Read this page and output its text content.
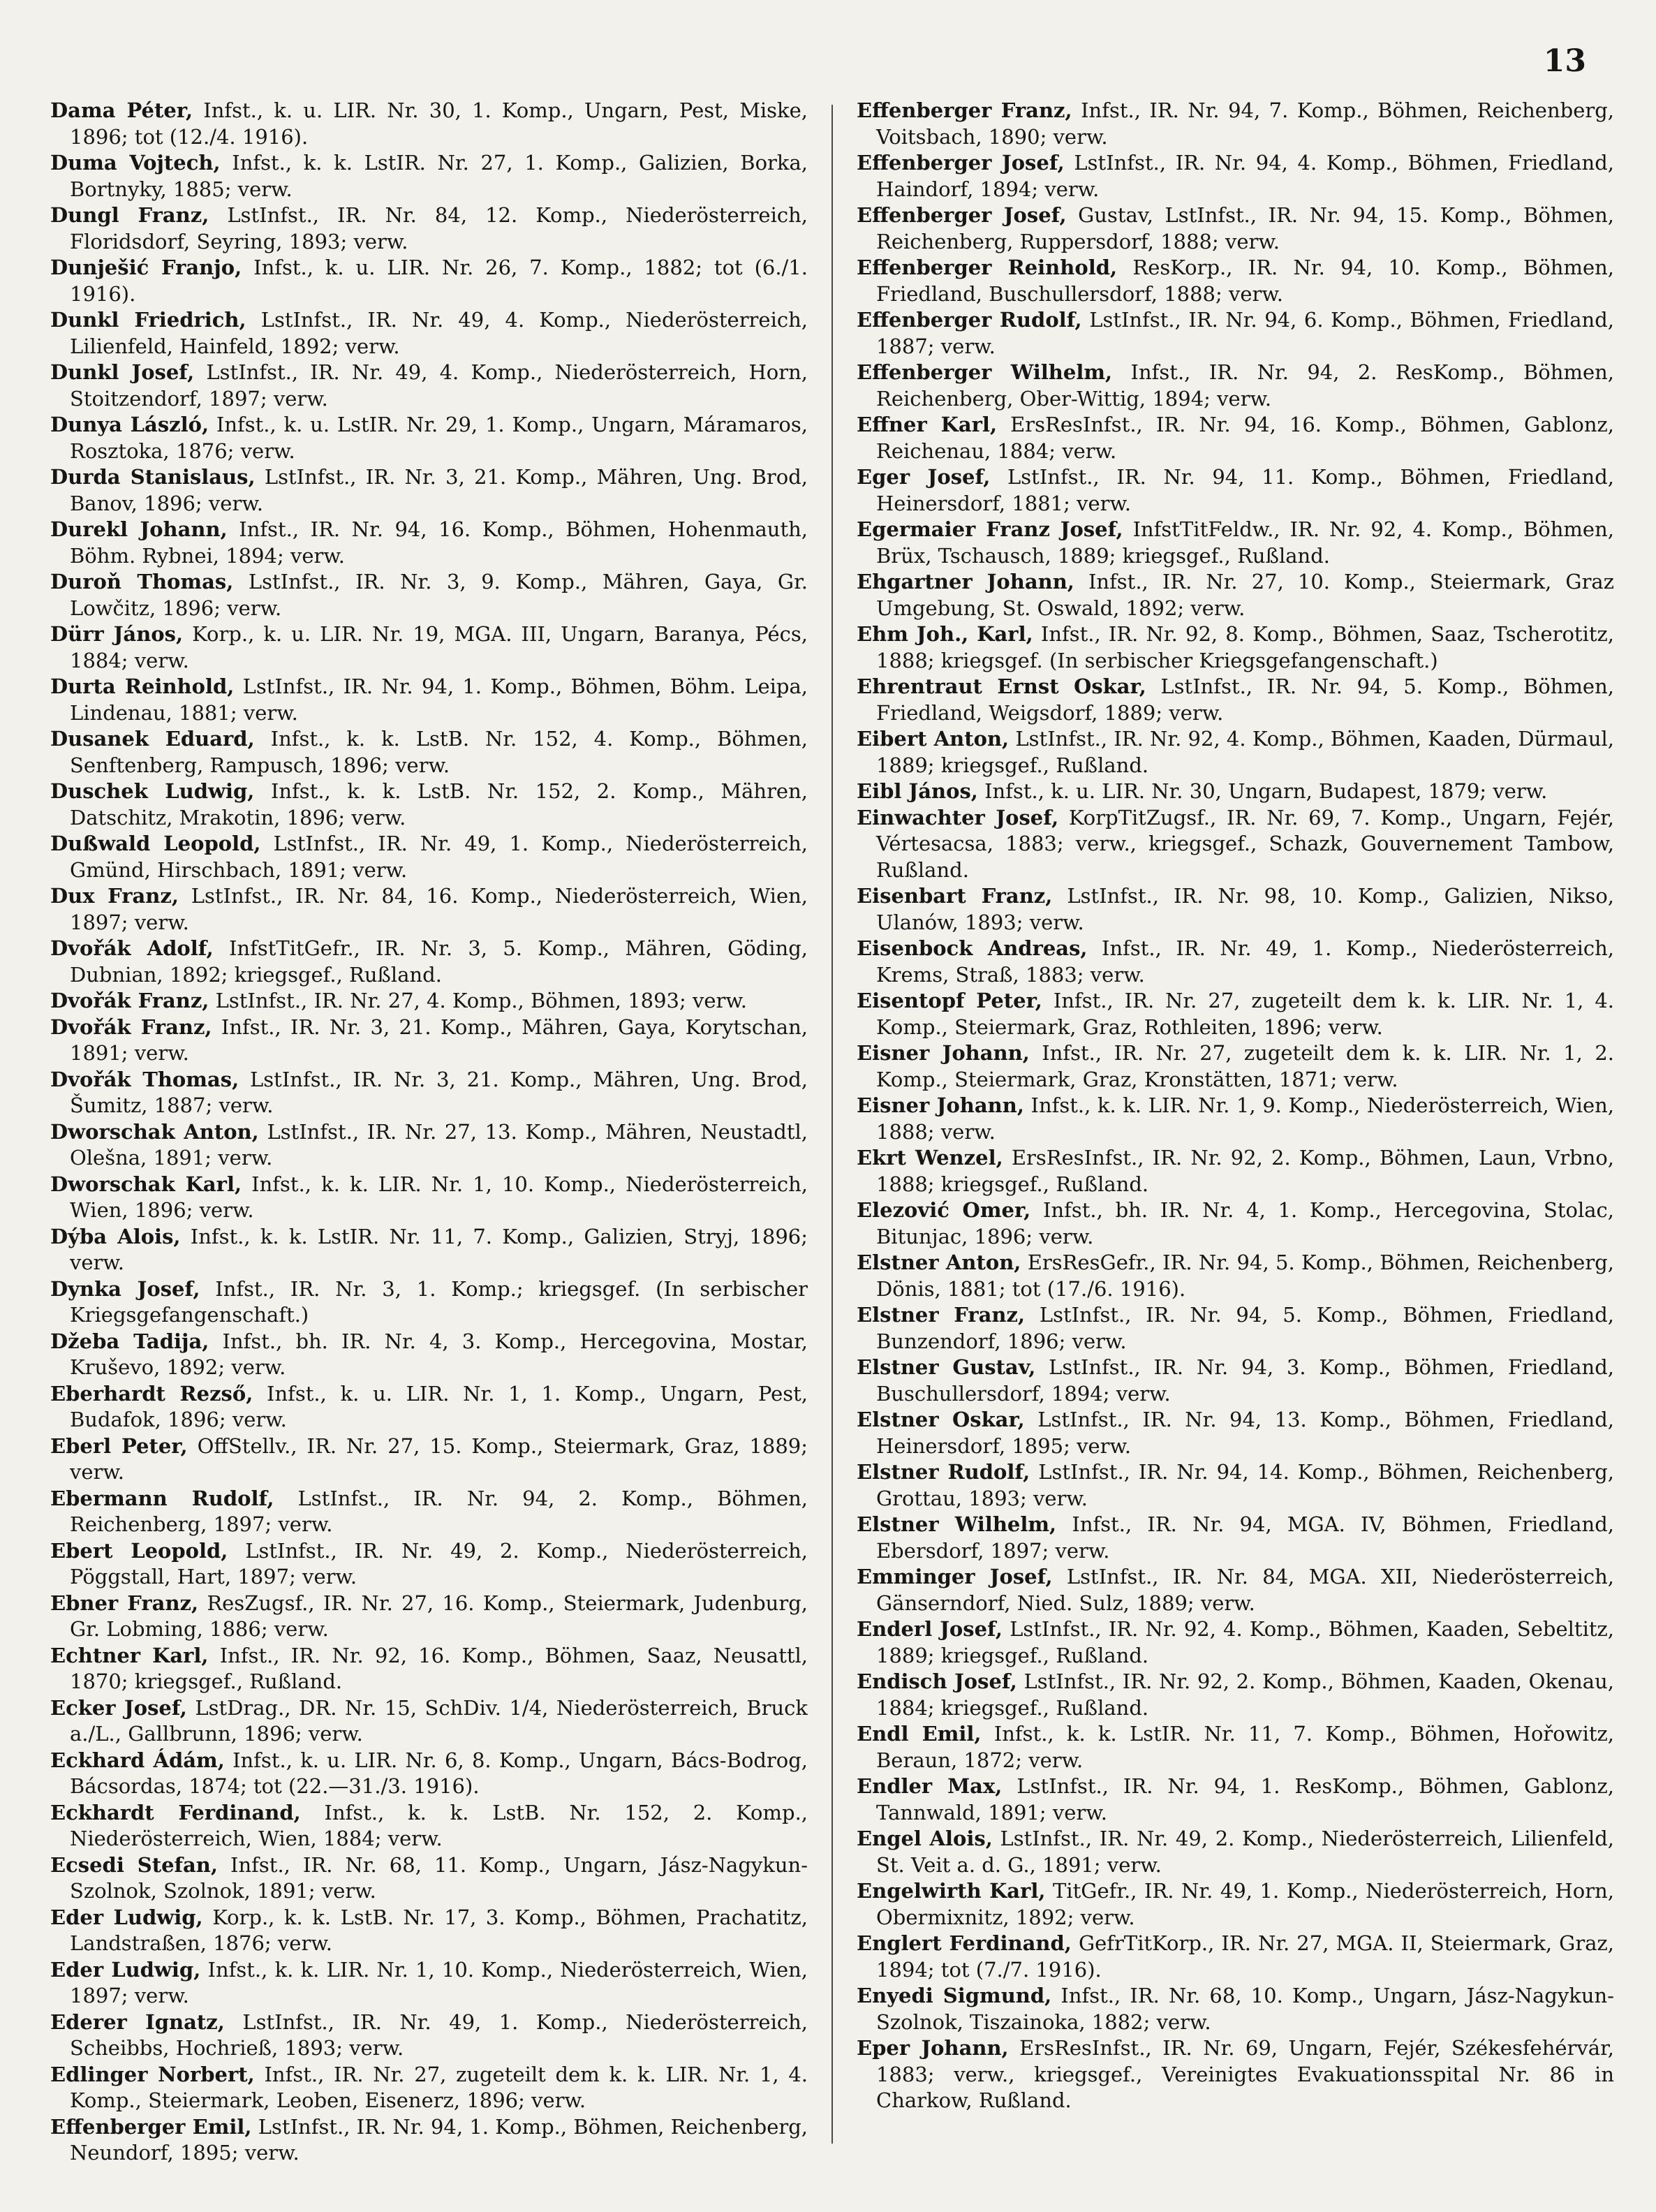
13

Dama Péter, Infst., k. u. LIR. Nr. 30, 1. Komp., Ungarn, Pest, Miske, 1896; tot (12./4. 1916).

Duma Vojtech, Infst., k. k. LstIR. Nr. 27, 1. Komp., Galizien, Borka, Bortnyky, 1885; verw.

Dungl Franz, LstInfst., IR. Nr. 84, 12. Komp., Niederösterreich, Floridsdorf, Seyring, 1893; verw.

Dunješić Franjo, Infst., k. u. LIR. Nr. 26, 7. Komp., 1882; tot (6./1. 1916).

Dunkl Friedrich, LstInfst., IR. Nr. 49, 4. Komp., Niederösterreich, Lilienfeld, Hainfeld, 1892; verw.

Dunkl Josef, LstInfst., IR. Nr. 49, 4. Komp., Niederösterreich, Horn, Stoitzendorf, 1897; verw.

Dunya László, Infst., k. u. LstIR. Nr. 29, 1. Komp., Ungarn, Máramaros, Rosztoka, 1876; verw.

Durda Stanislaus, LstInfst., IR. Nr. 3, 21. Komp., Mähren, Ung. Brod, Banov, 1896; verw.

Durekl Johann, Infst., IR. Nr. 94, 16. Komp., Böhmen, Hohenmauth, Böhm. Rybnei, 1894; verw.

Duroň Thomas, LstInfst., IR. Nr. 3, 9. Komp., Mähren, Gaya, Gr. Lowčitz, 1896; verw.

Dürr János, Korp., k. u. LIR. Nr. 19, MGA. III, Ungarn, Baranya, Pécs, 1884; verw.

Durta Reinhold, LstInfst., IR. Nr. 94, 1. Komp., Böhmen, Böhm. Leipa, Lindenau, 1881; verw.

Dusanek Eduard, Infst., k. k. LstB. Nr. 152, 4. Komp., Böhmen, Senftenberg, Rampusch, 1896; verw.

Duschek Ludwig, Infst., k. k. LstB. Nr. 152, 2. Komp., Mähren, Datschitz, Mrakotin, 1896; verw.

Dußwald Leopold, LstInfst., IR. Nr. 49, 1. Komp., Niederösterreich, Gmünd, Hirschbach, 1891; verw.

Dux Franz, LstInfst., IR. Nr. 84, 16. Komp., Niederösterreich, Wien, 1897; verw.

Dvořák Adolf, InfstTitGefr., IR. Nr. 3, 5. Komp., Mähren, Göding, Dubnian, 1892; kriegsgef., Rußland.

Dvořák Franz, LstInfst., IR. Nr. 27, 4. Komp., Böhmen, 1893; verw.

Dvořák Franz, Infst., IR. Nr. 3, 21. Komp., Mähren, Gaya, Korytschan, 1891; verw.

Dvořák Thomas, LstInfst., IR. Nr. 3, 21. Komp., Mähren, Ung. Brod, Šumitz, 1887; verw.

Dworschak Anton, LstInfst., IR. Nr. 27, 13. Komp., Mähren, Neustadtl, Olešna, 1891; verw.

Dworschak Karl, Infst., k. k. LIR. Nr. 1, 10. Komp., Niederösterreich, Wien, 1896; verw.

Dýba Alois, Infst., k. k. LstIR. Nr. 11, 7. Komp., Galizien, Stryj, 1896; verw.

Dynka Josef, Infst., IR. Nr. 3, 1. Komp.; kriegsgef. (In serbischer Kriegsgefangenschaft.)

Džeba Tadija, Infst., bh. IR. Nr. 4, 3. Komp., Hercegovina, Mostar, Kruševo, 1892; verw.

Eberhardt Rezső, Infst., k. u. LIR. Nr. 1, 1. Komp., Ungarn, Pest, Budafok, 1896; verw.

Eberl Peter, OffStellv., IR. Nr. 27, 15. Komp., Steiermark, Graz, 1889; verw.

Ebermann Rudolf, LstInfst., IR. Nr. 94, 2. Komp., Böhmen, Reichenberg, 1897; verw.

Ebert Leopold, LstInfst., IR. Nr. 49, 2. Komp., Niederösterreich, Pöggstall, Hart, 1897; verw.

Ebner Franz, ResZugsf., IR. Nr. 27, 16. Komp., Steiermark, Judenburg, Gr. Lobming, 1886; verw.

Echtner Karl, Infst., IR. Nr. 92, 16. Komp., Böhmen, Saaz, Neusattl, 1870; kriegsgef., Rußland.

Ecker Josef, LstDrag., DR. Nr. 15, SchDiv. 1/4, Niederösterreich, Bruck a./L., Gallbrunn, 1896; verw.

Eckhard Ádám, Infst., k. u. LIR. Nr. 6, 8. Komp., Ungarn, Bács-Bodrog, Bácsordas, 1874; tot (22.—31./3. 1916).

Eckhardt Ferdinand, Infst., k. k. LstB. Nr. 152, 2. Komp., Niederösterreich, Wien, 1884; verw.

Ecsedi Stefan, Infst., IR. Nr. 68, 11. Komp., Ungarn, Jász-Nagykun-Szolnok, Szolnok, 1891; verw.

Eder Ludwig, Korp., k. k. LstB. Nr. 17, 3. Komp., Böhmen, Prachatitz, Landstraßen, 1876; verw.

Eder Ludwig, Infst., k. k. LIR. Nr. 1, 10. Komp., Niederösterreich, Wien, 1897; verw.

Ederer Ignatz, LstInfst., IR. Nr. 49, 1. Komp., Niederösterreich, Scheibbs, Hochrieß, 1893; verw.

Edlinger Norbert, Infst., IR. Nr. 27, zugeteilt dem k. k. LIR. Nr. 1, 4. Komp., Steiermark, Leoben, Eisenerz, 1896; verw.

Effenberger Emil, LstInfst., IR. Nr. 94, 1. Komp., Böhmen, Reichenberg, Neundorf, 1895; verw.

Effenberger Franz, Infst., IR. Nr. 94, 7. Komp., Böhmen, Reichenberg, Voitsbach, 1890; verw.

Effenberger Josef, LstInfst., IR. Nr. 94, 4. Komp., Böhmen, Friedland, Haindorf, 1894; verw.

Effenberger Josef, Gustav, LstInfst., IR. Nr. 94, 15. Komp., Böhmen, Reichenberg, Ruppersdorf, 1888; verw.

Effenberger Reinhold, ResKorp., IR. Nr. 94, 10. Komp., Böhmen, Friedland, Buschullersdorf, 1888; verw.

Effenberger Rudolf, LstInfst., IR. Nr. 94, 6. Komp., Böhmen, Friedland, 1887; verw.

Effenberger Wilhelm, Infst., IR. Nr. 94, 2. ResKomp., Böhmen, Reichenberg, Ober-Wittig, 1894; verw.

Effner Karl, ErsResInfst., IR. Nr. 94, 16. Komp., Böhmen, Gablonz, Reichenau, 1884; verw.

Eger Josef, LstInfst., IR. Nr. 94, 11. Komp., Böhmen, Friedland, Heinersdorf, 1881; verw.

Egermaier Franz Josef, InfstTitFeldw., IR. Nr. 92, 4. Komp., Böhmen, Brüx, Tschausch, 1889; kriegsgef., Rußland.

Ehgartner Johann, Infst., IR. Nr. 27, 10. Komp., Steiermark, Graz Umgebung, St. Oswald, 1892; verw.

Ehm Joh., Karl, Infst., IR. Nr. 92, 8. Komp., Böhmen, Saaz, Tscherotitz, 1888; kriegsgef. (In serbischer Kriegsgefangenschaft.)

Ehrentraut Ernst Oskar, LstInfst., IR. Nr. 94, 5. Komp., Böhmen, Friedland, Weigsdorf, 1889; verw.

Eibert Anton, LstInfst., IR. Nr. 92, 4. Komp., Böhmen, Kaaden, Dürmaul, 1889; kriegsgef., Rußland.

Eibl János, Infst., k. u. LIR. Nr. 30, Ungarn, Budapest, 1879; verw.

Einwachter Josef, KorpTitZugsf., IR. Nr. 69, 7. Komp., Ungarn, Fejér, Vértesacsa, 1883; verw., kriegsgef., Schazk, Gouvernement Tambow, Rußland.

Eisenbart Franz, LstInfst., IR. Nr. 98, 10. Komp., Galizien, Nikso, Ulanów, 1893; verw.

Eisenbock Andreas, Infst., IR. Nr. 49, 1. Komp., Niederösterreich, Krems, Straß, 1883; verw.

Eisentopf Peter, Infst., IR. Nr. 27, zugeteilt dem k. k. LIR. Nr. 1, 4. Komp., Steiermark, Graz, Rothleiten, 1896; verw.

Eisner Johann, Infst., IR. Nr. 27, zugeteilt dem k. k. LIR. Nr. 1, 2. Komp., Steiermark, Graz, Kronstätten, 1871; verw.

Eisner Johann, Infst., k. k. LIR. Nr. 1, 9. Komp., Niederösterreich, Wien, 1888; verw.

Ekrt Wenzel, ErsResInfst., IR. Nr. 92, 2. Komp., Böhmen, Laun, Vrbno, 1888; kriegsgef., Rußland.

Elezović Omer, Infst., bh. IR. Nr. 4, 1. Komp., Hercegovina, Stolac, Bitunjac, 1896; verw.

Elstner Anton, ErsResGefr., IR. Nr. 94, 5. Komp., Böhmen, Reichenberg, Dönis, 1881; tot (17./6. 1916).

Elstner Franz, LstInfst., IR. Nr. 94, 5. Komp., Böhmen, Friedland, Bunzendorf, 1896; verw.

Elstner Gustav, LstInfst., IR. Nr. 94, 3. Komp., Böhmen, Friedland, Buschullersdorf, 1894; verw.

Elstner Oskar, LstInfst., IR. Nr. 94, 13. Komp., Böhmen, Friedland, Heinersdorf, 1895; verw.

Elstner Rudolf, LstInfst., IR. Nr. 94, 14. Komp., Böhmen, Reichenberg, Grottau, 1893; verw.

Elstner Wilhelm, Infst., IR. Nr. 94, MGA. IV, Böhmen, Friedland, Ebersdorf, 1897; verw.

Emminger Josef, LstInfst., IR. Nr. 84, MGA. XII, Niederösterreich, Gänserndorf, Nied. Sulz, 1889; verw.

Enderl Josef, LstInfst., IR. Nr. 92, 4. Komp., Böhmen, Kaaden, Sebeltitz, 1889; kriegsgef., Rußland.

Endisch Josef, LstInfst., IR. Nr. 92, 2. Komp., Böhmen, Kaaden, Okenau, 1884; kriegsgef., Rußland.

Endl Emil, Infst., k. k. LstIR. Nr. 11, 7. Komp., Böhmen, Hořowitz, Beraun, 1872; verw.

Endler Max, LstInfst., IR. Nr. 94, 1. ResKomp., Böhmen, Gablonz, Tannwald, 1891; verw.

Engel Alois, LstInfst., IR. Nr. 49, 2. Komp., Niederösterreich, Lilienfeld, St. Veit a. d. G., 1891; verw.

Engelwirth Karl, TitGefr., IR. Nr. 49, 1. Komp., Niederösterreich, Horn, Obermixnitz, 1892; verw.

Englert Ferdinand, GefrTitKorp., IR. Nr. 27, MGA. II, Steiermark, Graz, 1894; tot (7./7. 1916).

Enyedi Sigmund, Infst., IR. Nr. 68, 10. Komp., Ungarn, Jász-Nagykun-Szolnok, Tiszainoka, 1882; verw.

Eper Johann, ErsResInfst., IR. Nr. 69, Ungarn, Fejér, Székesfehérvár, 1883; verw., kriegsgef., Vereinigtes Evakuationsspital Nr. 86 in Charkow, Rußland.
